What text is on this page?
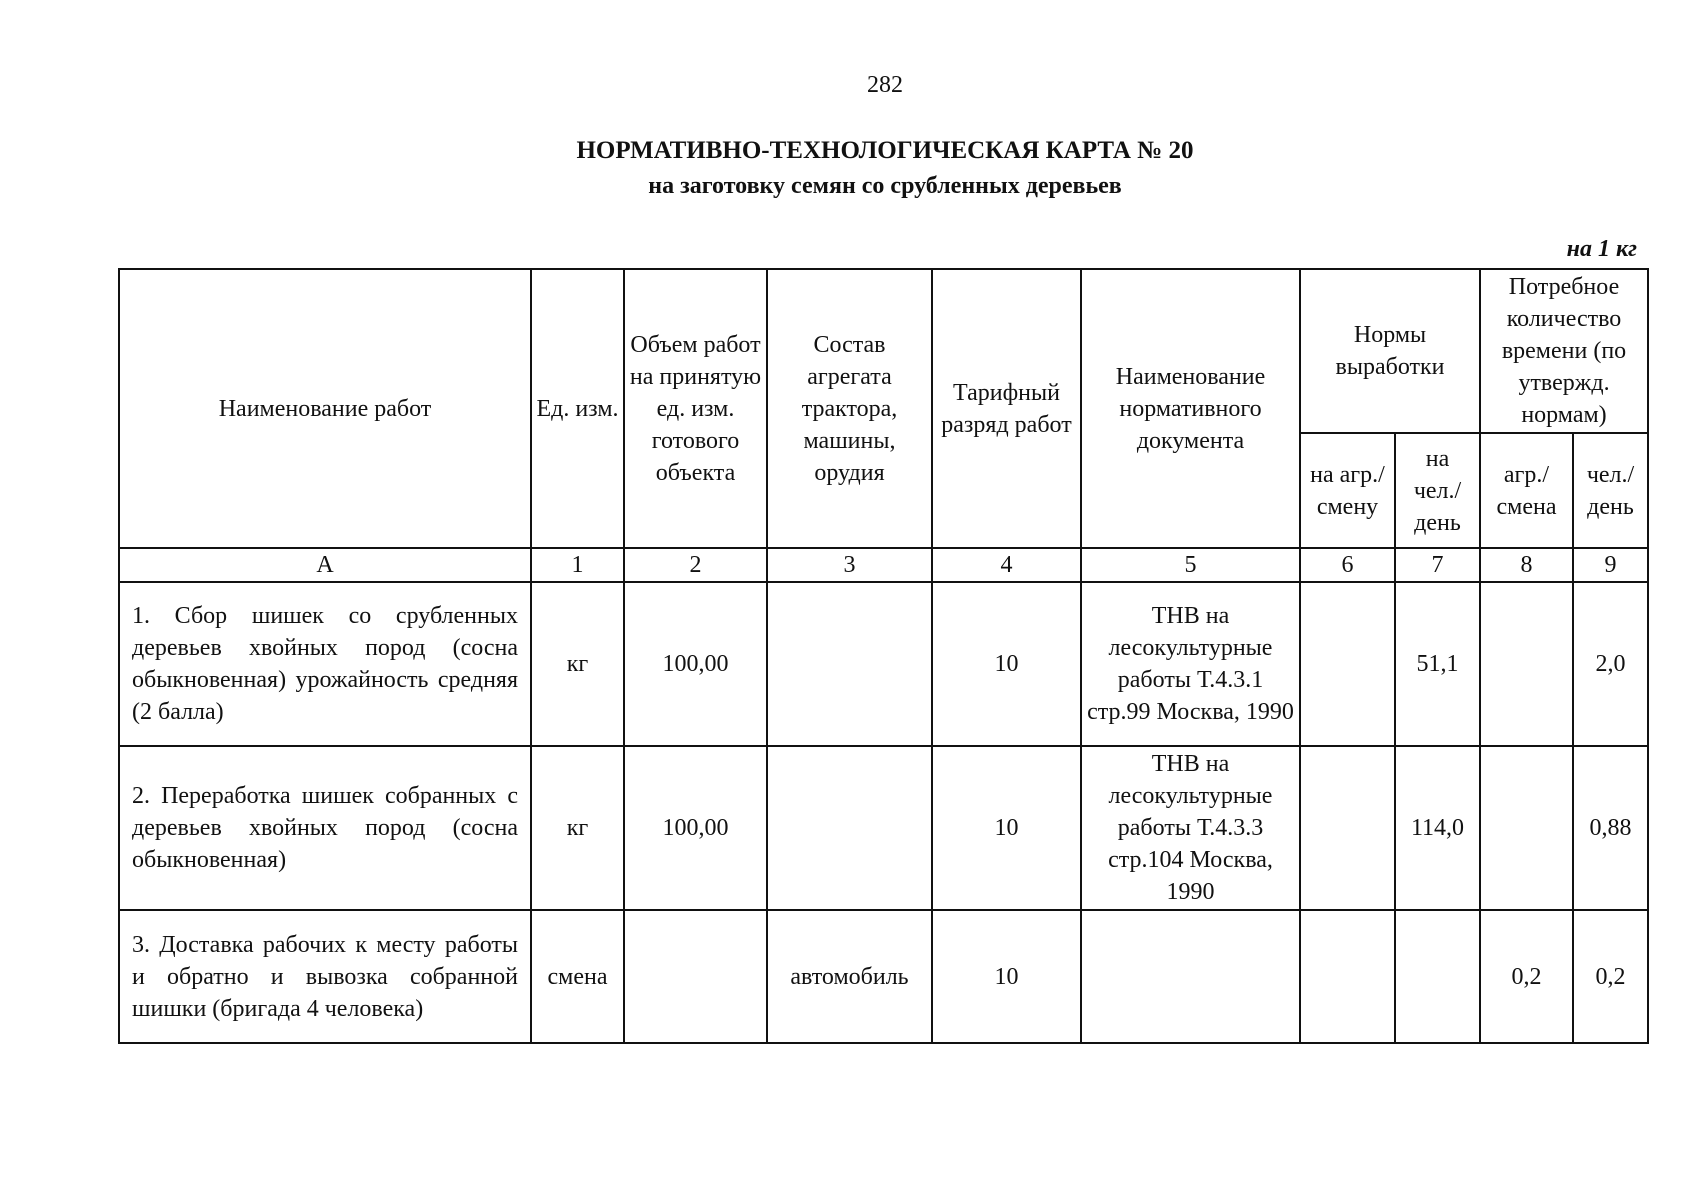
282
НОРМАТИВНО-ТЕХНОЛОГИЧЕСКАЯ КАРТА № 20
на заготовку семян со срубленных деревьев
на 1 кг
Наименование работ	Ед. изм.	Объем работ на принятую ед. изм. готового объекта	Состав агрегата трактора, машины, орудия	Тарифный разряд работ	Наименование нормативного документа	Нормы выработки		Потребное количество времени (по утвержд. нормам)	
						на агр./ смену	на чел./ день	агр./ смена	чел./ день
А	1	2	3	4	5	6	7	8	9
1. Сбор шишек со срубленных деревьев хвойных пород (сосна обыкновенная) урожайность средняя (2 балла)	кг	100,00		10	ТНВ на лесокультурные работы Т.4.3.1 стр.99 Москва, 1990		51,1		2,0
2. Переработка шишек собранных с деревьев хвойных пород (сосна обыкновенная)	кг	100,00		10	ТНВ на лесокультурные работы Т.4.3.3 стр.104 Москва, 1990		114,0		0,88
3. Доставка рабочих к месту работы и обратно и вывозка собранной шишки (бригада 4 человека)	смена		автомобиль	10				0,2	0,2
